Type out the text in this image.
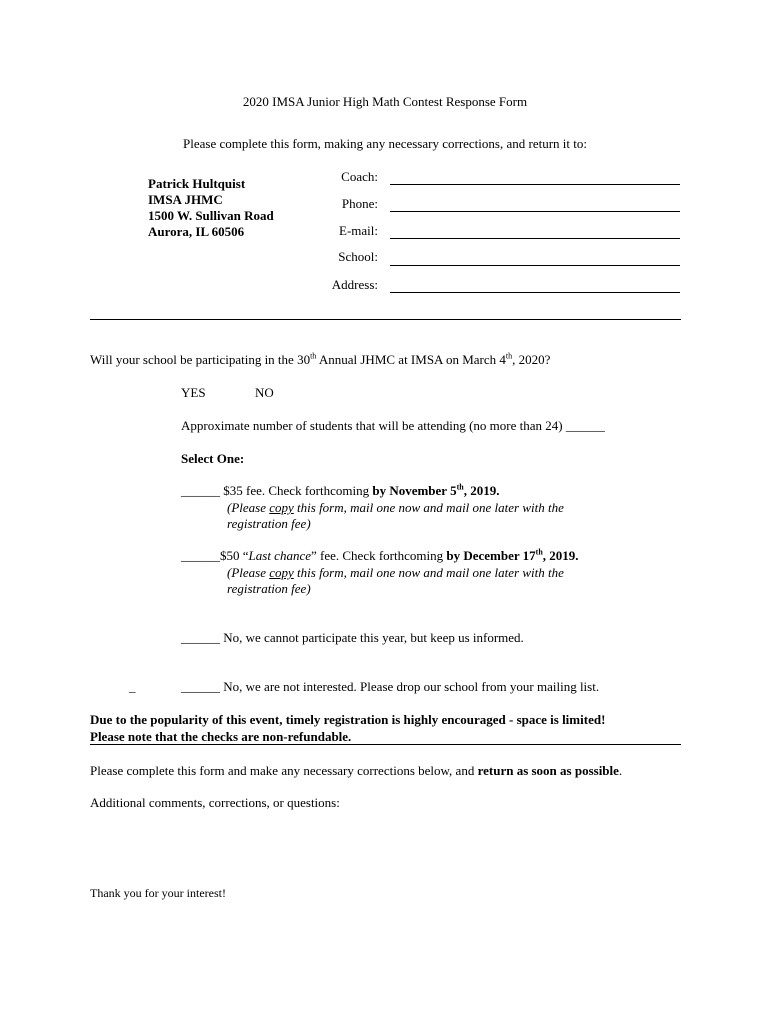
2020 IMSA Junior High Math Contest Response Form
Please complete this form, making any necessary corrections, and return it to:
Patrick Hultquist
IMSA JHMC
1500 W. Sullivan Road
Aurora, IL 60506
Coach:
Phone:
E-mail:
School:
Address:
Will your school be participating in the 30th Annual JHMC at IMSA on March 4th, 2020?
YES	NO
Approximate number of students that will be attending (no more than 24) ______
Select One:
______ $35 fee. Check forthcoming by November 5th, 2019.
(Please copy this form, mail one now and mail one later with the
registration fee)
______$50 “Last chance” fee. Check forthcoming by December 17th, 2019.
(Please copy this form, mail one now and mail one later with the
registration fee)
______ No, we cannot participate this year, but keep us informed.
_	______ No, we are not interested. Please drop our school from your mailing list.
Due to the popularity of this event, timely registration is highly encouraged - space is limited!
Please note that the checks are non-refundable.
Please complete this form and make any necessary corrections below, and return as soon as possible.
Additional comments, corrections, or questions:
Thank you for your interest!
